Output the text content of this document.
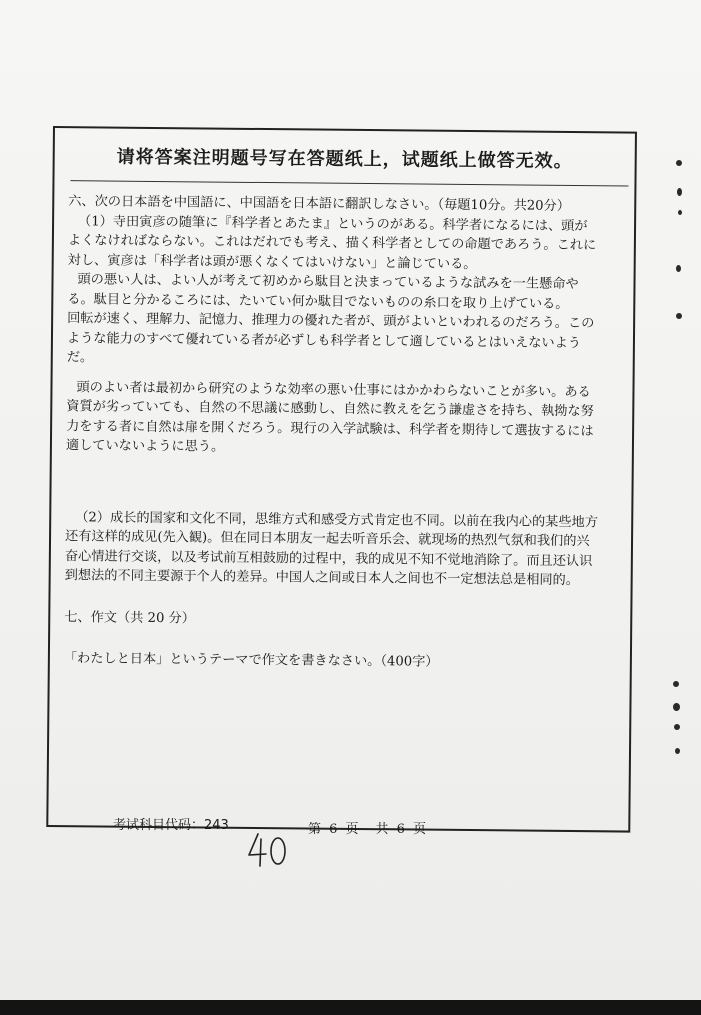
请将答案注明题号写在答题纸上，试题纸上做答无效。

六、次の日本語を中国語に、中国語を日本語に翻訳しなさい。（毎題10分。共20分）

（1）寺田寅彦の随筆に『科学者とあたま』というのがある。科学者になるには、頭が

よくなければならない。これはだれでも考え、描く科学者としての命題であろう。これに

対し、寅彦は「科学者は頭が悪くなくてはいけない」と論じている。

頭の悪い人は、よい人が考えて初めから駄目と決まっているような試みを一生懸命や

る。駄目と分かるころには、たいてい何か駄目でないものの糸口を取り上げている。

回転が速く、理解力、記憶力、推理力の優れた者が、頭がよいといわれるのだろう。この

ような能力のすべて優れている者が必ずしも科学者として適しているとはいえないよう

だ。

頭のよい者は最初から研究のような効率の悪い仕事にはかかわらないことが多い。ある

資質が劣っていても、自然の不思議に感動し、自然に教えを乞う謙虚さを持ち、執拗な努

力をする者に自然は扉を開くだろう。現行の入学試験は、科学者を期待して選抜するには

適していないように思う。

（2）成长的国家和文化不同，思维方式和感受方式肯定也不同。以前在我内心的某些地方

还有这样的成见(先入観)。但在同日本朋友一起去听音乐会、就现场的热烈气氛和我们的兴

奋心情进行交谈，以及考试前互相鼓励的过程中，我的成见不知不觉地消除了。而且还认识

到想法的不同主要源于个人的差异。中国人之间或日本人之间也不一定想法总是相同的。

七、作文（共 20 分）

「わたしと日本」というテーマで作文を書きなさい。（400字）

考试科目代码：243	第 6 页　共 6 页
